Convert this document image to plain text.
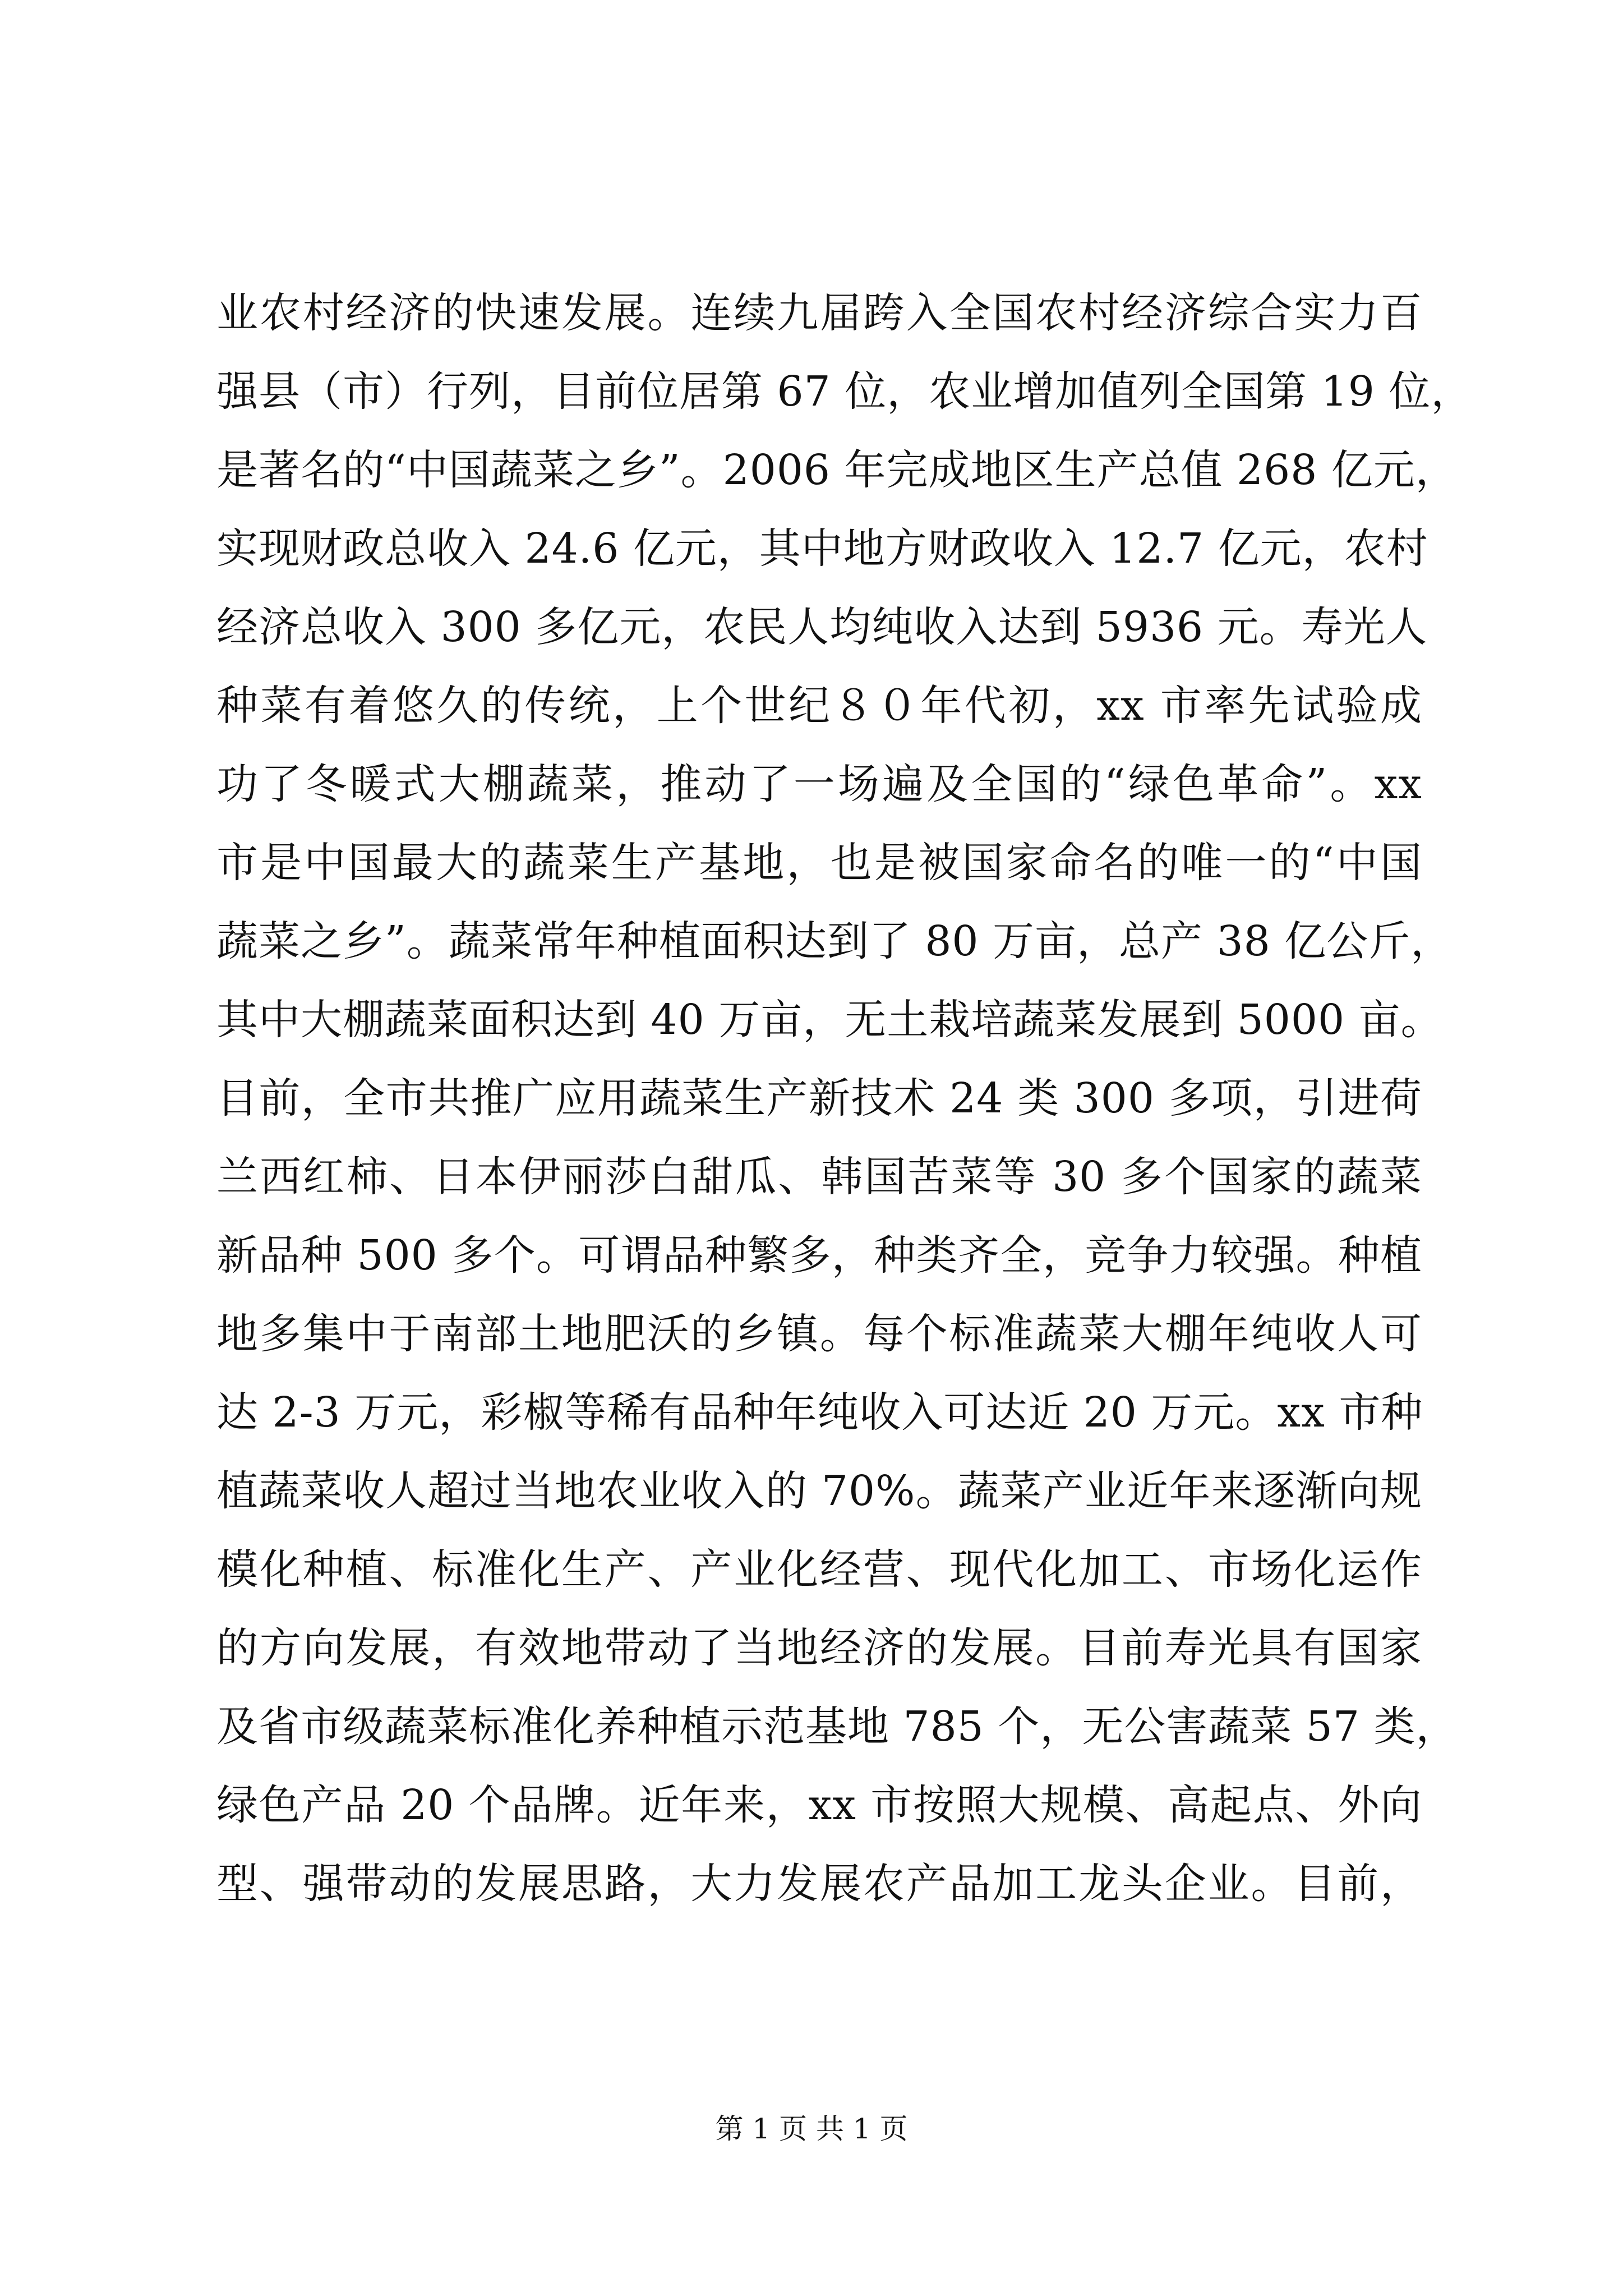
业农村经济的快速发展。连续九届跨入全国农村经济综合实力百
强县（市）行列，目前位居第 67 位，农业增加值列全国第 19 位，
是著名的“中国蔬菜之乡”。2006 年完成地区生产总值 268 亿元，
实现财政总收入 24.6 亿元，其中地方财政收入 12.7 亿元，农村
经济总收入 300 多亿元，农民人均纯收入达到 5936 元。寿光人
种菜有着悠久的传统，上个世纪８０年代初，xx 市率先试验成
功了冬暖式大棚蔬菜，推动了一场遍及全国的“绿色革命”。xx
市是中国最大的蔬菜生产基地，也是被国家命名的唯一的“中国
蔬菜之乡”。蔬菜常年种植面积达到了 80 万亩，总产 38 亿公斤，
其中大棚蔬菜面积达到 40 万亩，无土栽培蔬菜发展到 5000 亩。
目前，全市共推广应用蔬菜生产新技术 24 类 300 多项，引进荷
兰西红柿、日本伊丽莎白甜瓜、韩国苦菜等 30 多个国家的蔬菜
新品种 500 多个。可谓品种繁多，种类齐全，竞争力较强。种植
地多集中于南部土地肥沃的乡镇。每个标准蔬菜大棚年纯收人可
达 2-3 万元，彩椒等稀有品种年纯收入可达近 20 万元。xx 市种
植蔬菜收人超过当地农业收入的 70%。蔬菜产业近年来逐渐向规
模化种植、标准化生产、产业化经营、现代化加工、市场化运作
的方向发展，有效地带动了当地经济的发展。目前寿光具有国家
及省市级蔬菜标准化养种植示范基地 785 个，无公害蔬菜 57 类，
绿色产品 20 个品牌。近年来，xx 市按照大规模、高起点、外向
型、强带动的发展思路，大力发展农产品加工龙头企业。目前，
第 1 页 共 1 页
